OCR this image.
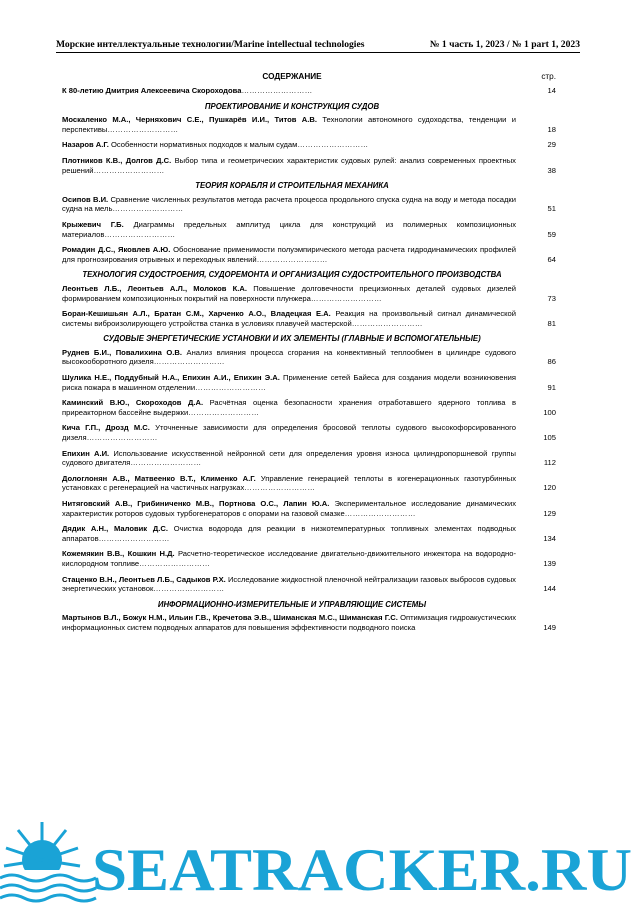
Морские интеллектуальные технологии/Marine intellectual technologies	№ 1 часть 1, 2023 / № 1 part 1, 2023
СОДЕРЖАНИЕ	стр.
К 80-летию Дмитрия Алексеевича Скороходова………………………	14
ПРОЕКТИРОВАНИЕ И КОНСТРУКЦИЯ СУДОВ
Москаленко М.А., Черняхович С.Е., Пушкарёв И.И., Титов А.В. Технологии автономного судоходства, тенденции и перспективы………………………	18
Назаров А.Г. Особенности нормативных подходов к малым судам………………………	29
Плотников К.В., Долгов Д.С. Выбор типа и геометрических характеристик судовых рулей: анализ современных проектных решений………………………	38
ТЕОРИЯ КОРАБЛЯ И СТРОИТЕЛЬНАЯ МЕХАНИКА
Осипов В.И. Сравнение численных результатов метода расчета процесса продольного спуска судна на воду и метода посадки судна на мель………………………	51
Крыжевич Г.Б. Диаграммы предельных амплитуд цикла для конструкций из полимерных композиционных материалов………………………	59
Ромадин Д.С., Яковлев А.Ю. Обоснование применимости полуэмпирического метода расчета гидродинамических профилей для прогнозирования отрывных и переходных явлений………………………	64
ТЕХНОЛОГИЯ СУДОСТРОЕНИЯ, СУДОРЕМОНТА И ОРГАНИЗАЦИЯ СУДОСТРОИТЕЛЬНОГО ПРОИЗВОДСТВА
Леонтьев Л.Б., Леонтьев А.Л., Молоков К.А. Повышение долговечности прецизионных деталей судовых дизелей формированием композиционных покрытий на поверхности плунжера………………………	73
Боран-Кешишьян А.Л., Братан С.М., Харченко А.О., Владецкая Е.А. Реакция на произвольный сигнал динамической системы виброизолирующего устройства станка в условиях плавучей мастерской………………………	81
СУДОВЫЕ ЭНЕРГЕТИЧЕСКИЕ УСТАНОВКИ И ИХ ЭЛЕМЕНТЫ (ГЛАВНЫЕ И ВСПОМОГАТЕЛЬНЫЕ)
Руднев Б.И., Повалихина О.В. Анализ влияния процесса сгорания на конвективный теплообмен в цилиндре судового высокооборотного дизеля………………………	86
Шулика Н.Е., Поддубный Н.А., Епихин А.И., Епихин Э.А. Применение сетей Байеса для создания модели возникновения риска пожара в машинном отделении………………………	91
Каминский В.Ю., Скороходов Д.А. Расчётная оценка безопасности хранения отработавшего ядерного топлива в приреакторном бассейне выдержки………………………	100
Кича Г.П., Дрозд М.С. Уточненные зависимости для определения бросовой теплоты судового высокофорсированного дизеля………………………	105
Епихин А.И. Использование искусственной нейронной сети для определения уровня износа цилиндропоршневой группы судового двигателя………………………	112
Дологлонян А.В., Матвеенко В.Т., Клименко А.Г. Управление генерацией теплоты в когенерационных газотурбинных установках с регенерацией на частичных нагрузках………………………	120
Нитяговский А.В., Грибиниченко М.В., Портнова О.С., Лапин Ю.А. Экспериментальное исследование динамических характеристик роторов судовых турбогенераторов с опорами на газовой смазке………………………	129
Дядик А.Н., Маловик Д.С. Очистка водорода для реакции в низкотемпературных топливных элементах подводных аппаратов………………………	134
Кожемякин В.В., Кошкин Н.Д. Расчетно-теоретическое исследование двигательно-движительного инжектора на водородно-кислородном топливе………………………	139
Стаценко В.Н., Леонтьев Л.Б., Садыков Р.Х. Исследование жидкостной пленочной нейтрализации газовых выбросов судовых энергетических установок………………………	144
ИНФОРМАЦИОННО-ИЗМЕРИТЕЛЬНЫЕ И УПРАВЛЯЮЩИЕ СИСТЕМЫ
Мартынов В.Л., Божук Н.М., Ильин Г.В., Кречетова Э.В., Шиманская М.С., Шиманская Г.С. Оптимизация гидроакустических информационных систем подводных аппаратов для повышения эффективности подводного поиска	149
SEATRACKER.RU
